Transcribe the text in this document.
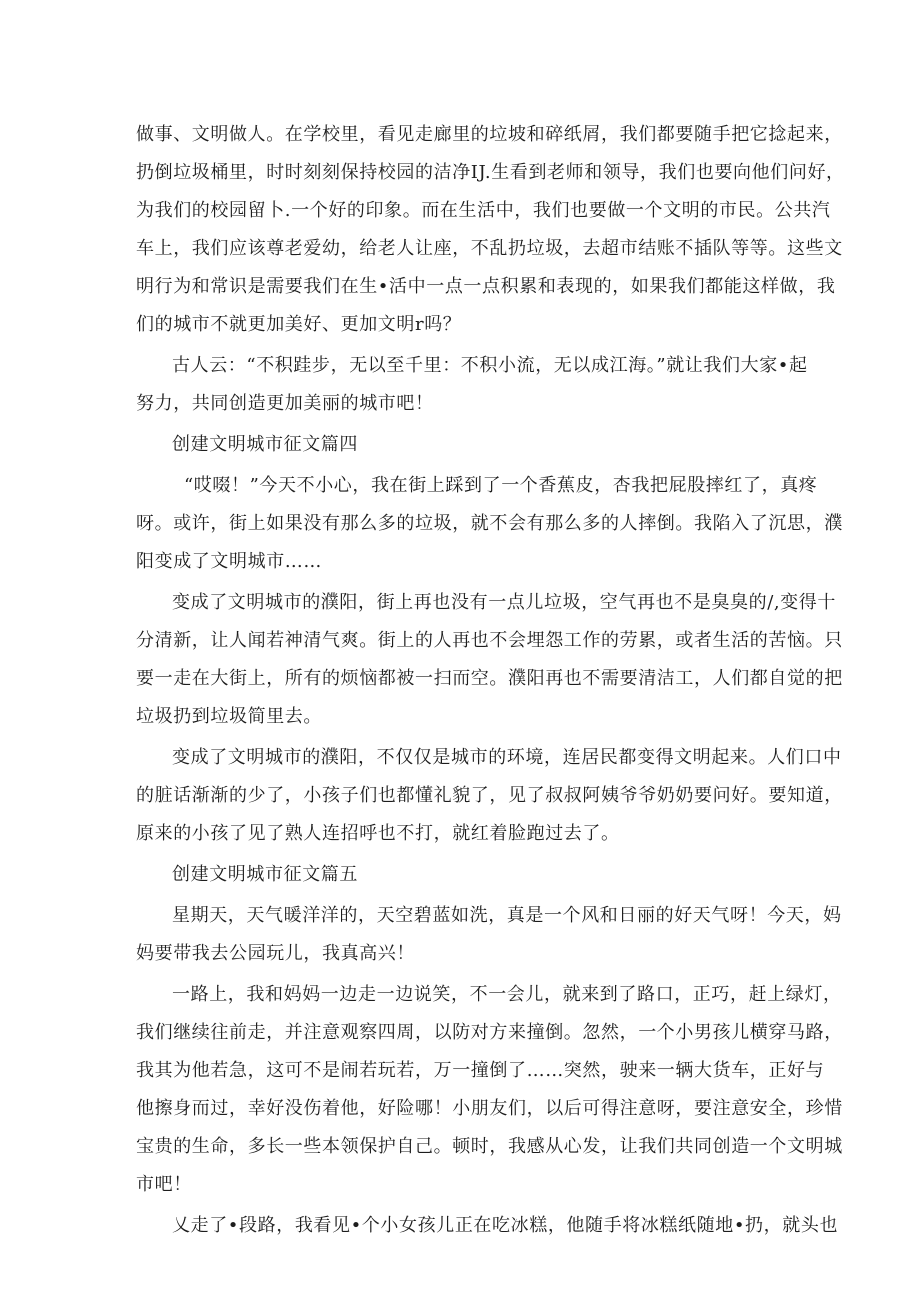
做事、文明做人。在学校里，看见走廊里的垃坡和碎纸屑，我们都要随手把它捻起来，
扔倒垃圾桶里，时时刻刻保持校园的洁净IJ.生看到老师和领导，我们也要向他们问好，
为我们的校园留卜.一个好的印象。而在生活中，我们也要做一个文明的市民。公共汽
车上，我们应该尊老爱幼，给老人让座，不乱扔垃圾，去超市结账不插队等等。这些文
明行为和常识是需要我们在生•活中一点一点积累和表现的，如果我们都能这样做，我
们的城市不就更加美好、更加文明r吗？
古人云：“不积跬步，无以至千里：不积小流，无以成江海。”就让我们大家•起
努力，共同创造更加美丽的城市吧！
创建文明城市征文篇四
“哎啜！”今天不小心，我在街上踩到了一个香蕉皮，杏我把屁股摔红了，真疼
呀。或许，街上如果没有那么多的垃圾，就不会有那么多的人摔倒。我陷入了沉思，濮
阳变成了文明城市……
变成了文明城市的濮阳，街上再也没有一点儿垃圾，空气再也不是臭臭的/,变得十
分清新，让人闻若神清气爽。街上的人再也不会埋怨工作的劳累，或者生活的苦恼。只
要一走在大街上，所有的烦恼都被一扫而空。濮阳再也不需要清洁工，人们都自觉的把
垃圾扔到垃圾简里去。
变成了文明城市的濮阳，不仅仅是城市的环境，连居民都变得文明起来。人们口中
的脏话渐渐的少了，小孩子们也都懂礼貌了，见了叔叔阿姨爷爷奶奶要问好。要知道，
原来的小孩了见了熟人连招呼也不打，就红着脸跑过去了。
创建文明城市征文篇五
星期天，天气暖洋洋的，天空碧蓝如洗，真是一个风和日丽的好天气呀！今天，妈
妈要带我去公园玩儿，我真高兴！
一路上，我和妈妈一边走一边说笑，不一会儿，就来到了路口，正巧，赶上绿灯，
我们继续往前走，并注意观察四周，以防对方来撞倒。忽然，一个小男孩儿横穿马路，
我其为他若急，这可不是闹若玩若，万一撞倒了……突然，驶来一辆大货车，正好与
他擦身而过，幸好没伤着他，好险哪！小朋友们，以后可得注意呀，要注意安全，珍惜
宝贵的生命，多长一些本领保护自己。顿时，我感从心发，让我们共同创造一个文明城
市吧！
乂走了•段路，我看见•个小女孩儿正在吃冰糕，他随手将冰糕纸随地•扔，就头也
